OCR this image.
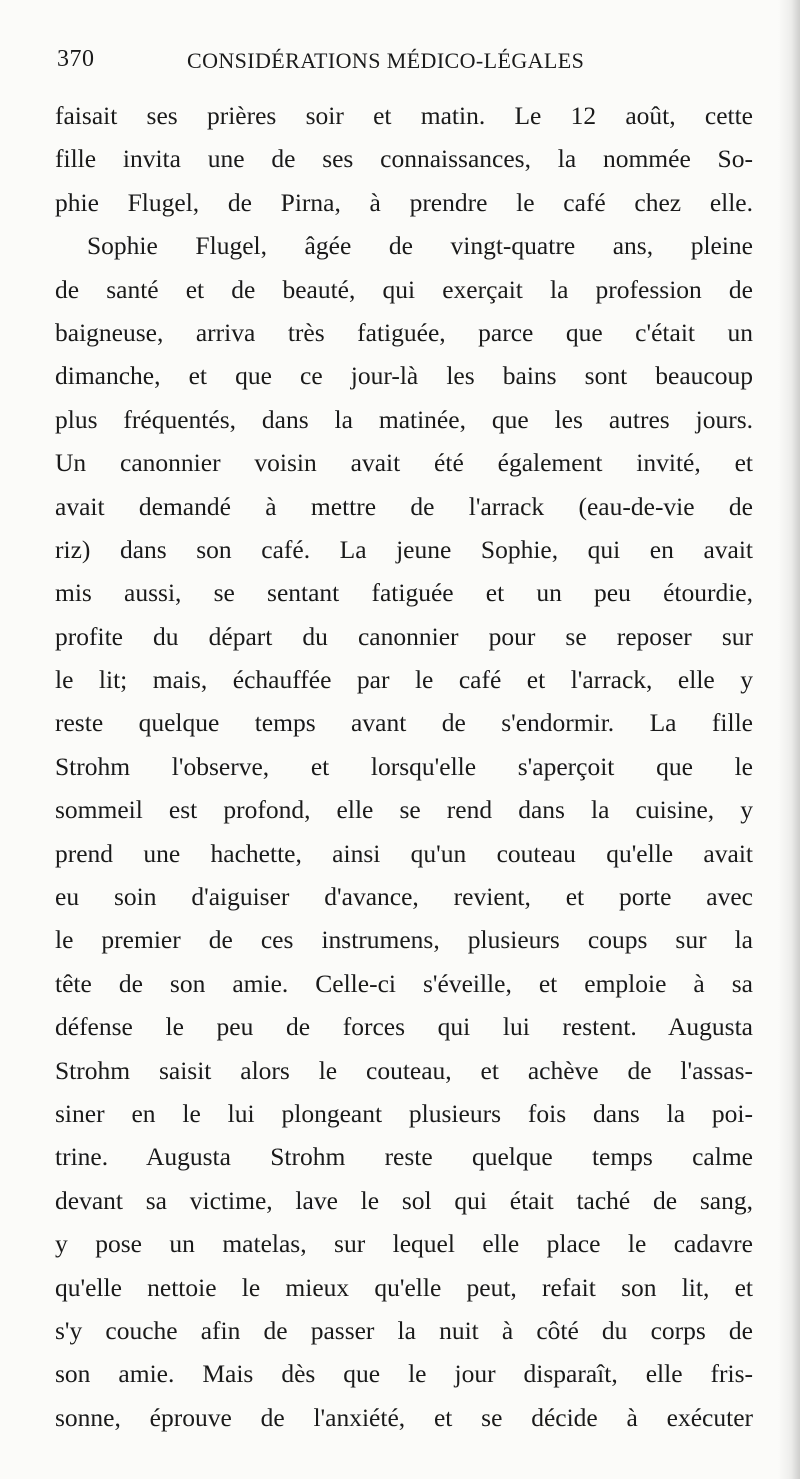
370	CONSIDÉRATIONS MÉDICO-LÉGALES
faisait ses prières soir et matin. Le 12 août, cette
fille invita une de ses connaissances, la nommée So-
phie Flugel, de Pirna, à prendre le café chez elle.
Sophie Flugel, âgée de vingt-quatre ans, pleine
de santé et de beauté, qui exerçait la profession de
baigneuse, arriva très fatiguée, parce que c'était un
dimanche, et que ce jour-là les bains sont beaucoup
plus fréquentés, dans la matinée, que les autres jours.
Un canonnier voisin avait été également invité, et
avait demandé à mettre de l'arrack (eau-de-vie de
riz) dans son café. La jeune Sophie, qui en avait
mis aussi, se sentant fatiguée et un peu étourdie,
profite du départ du canonnier pour se reposer sur
le lit; mais, échauffée par le café et l'arrack, elle y
reste quelque temps avant de s'endormir. La fille
Strohm l'observe, et lorsqu'elle s'aperçoit que le
sommeil est profond, elle se rend dans la cuisine, y
prend une hachette, ainsi qu'un couteau qu'elle avait
eu soin d'aiguiser d'avance, revient, et porte avec
le premier de ces instrumens, plusieurs coups sur la
tête de son amie. Celle-ci s'éveille, et emploie à sa
défense le peu de forces qui lui restent. Augusta
Strohm saisit alors le couteau, et achève de l'assas-
siner en le lui plongeant plusieurs fois dans la poi-
trine. Augusta Strohm reste quelque temps calme
devant sa victime, lave le sol qui était taché de sang,
y pose un matelas, sur lequel elle place le cadavre
qu'elle nettoie le mieux qu'elle peut, refait son lit, et
s'y couche afin de passer la nuit à côté du corps de
son amie. Mais dès que le jour disparaît, elle fris-
sonne, éprouve de l'anxiété, et se décide à exécuter
